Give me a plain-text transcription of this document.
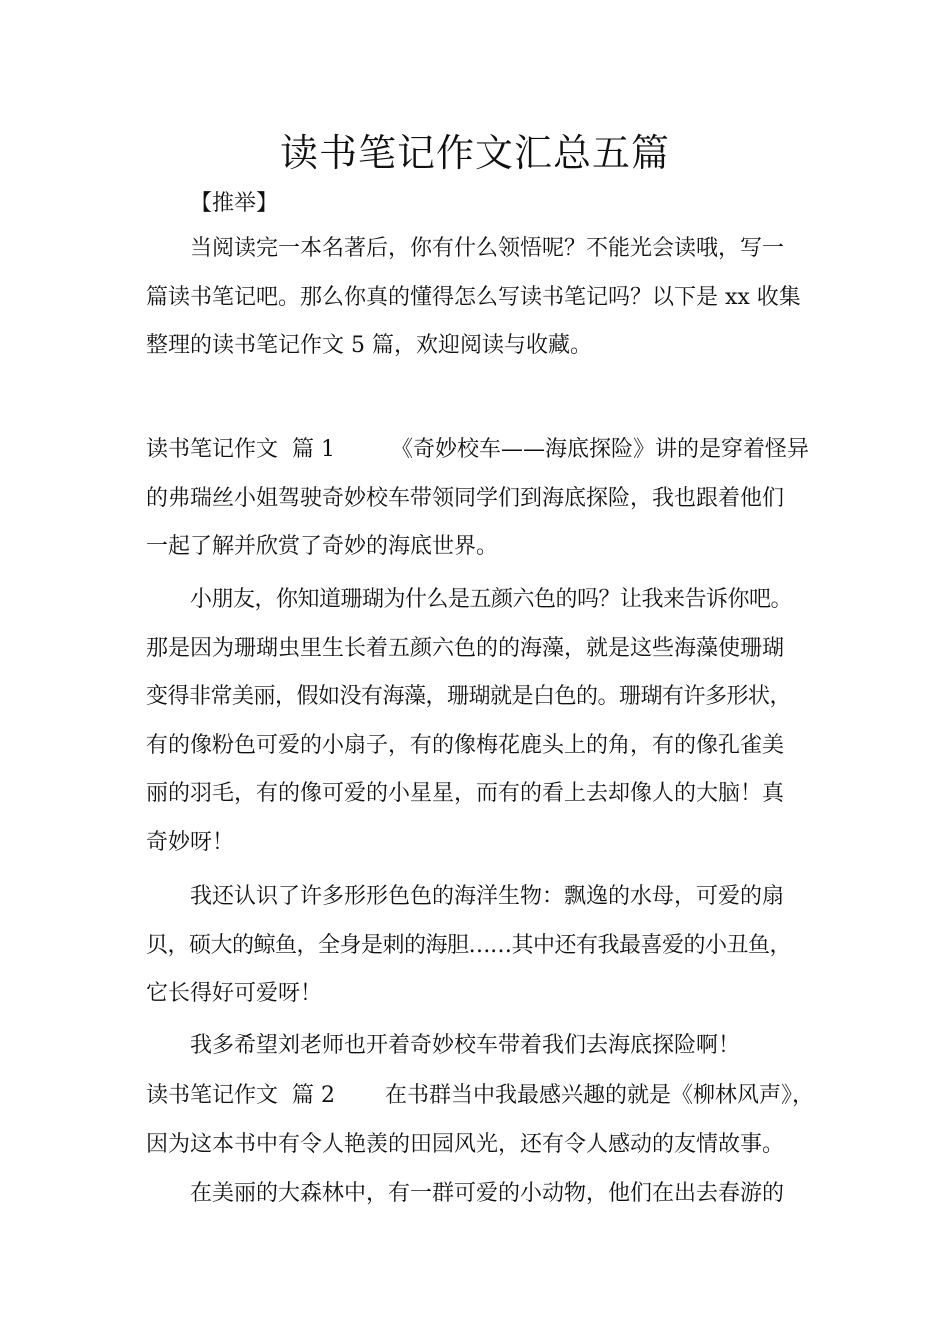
读书笔记作文汇总五篇
【推举】
当阅读完一本名著后，你有什么领悟呢？不能光会读哦，写一
篇读书笔记吧。那么你真的懂得怎么写读书笔记吗？以下是 xx 收集
整理的读书笔记作文 5 篇，欢迎阅读与收藏。
读书笔记作文  篇 1	《奇妙校车——海底探险》讲的是穿着怪异
的弗瑞丝小姐驾驶奇妙校车带领同学们到海底探险，我也跟着他们
一起了解并欣赏了奇妙的海底世界。
小朋友，你知道珊瑚为什么是五颜六色的吗？让我来告诉你吧。
那是因为珊瑚虫里生长着五颜六色的的海藻，就是这些海藻使珊瑚
变得非常美丽，假如没有海藻，珊瑚就是白色的。珊瑚有许多形状，
有的像粉色可爱的小扇子，有的像梅花鹿头上的角，有的像孔雀美
丽的羽毛，有的像可爱的小星星，而有的看上去却像人的大脑！真
奇妙呀！
我还认识了许多形形色色的海洋生物：飘逸的水母，可爱的扇
贝，硕大的鲸鱼，全身是刺的海胆……其中还有我最喜爱的小丑鱼，
它长得好可爱呀！
我多希望刘老师也开着奇妙校车带着我们去海底探险啊！
读书笔记作文  篇 2 在书群当中我最感兴趣的就是《柳林风声》，
因为这本书中有令人艳羡的田园风光，还有令人感动的友情故事。
在美丽的大森林中，有一群可爱的小动物，他们在出去春游的
